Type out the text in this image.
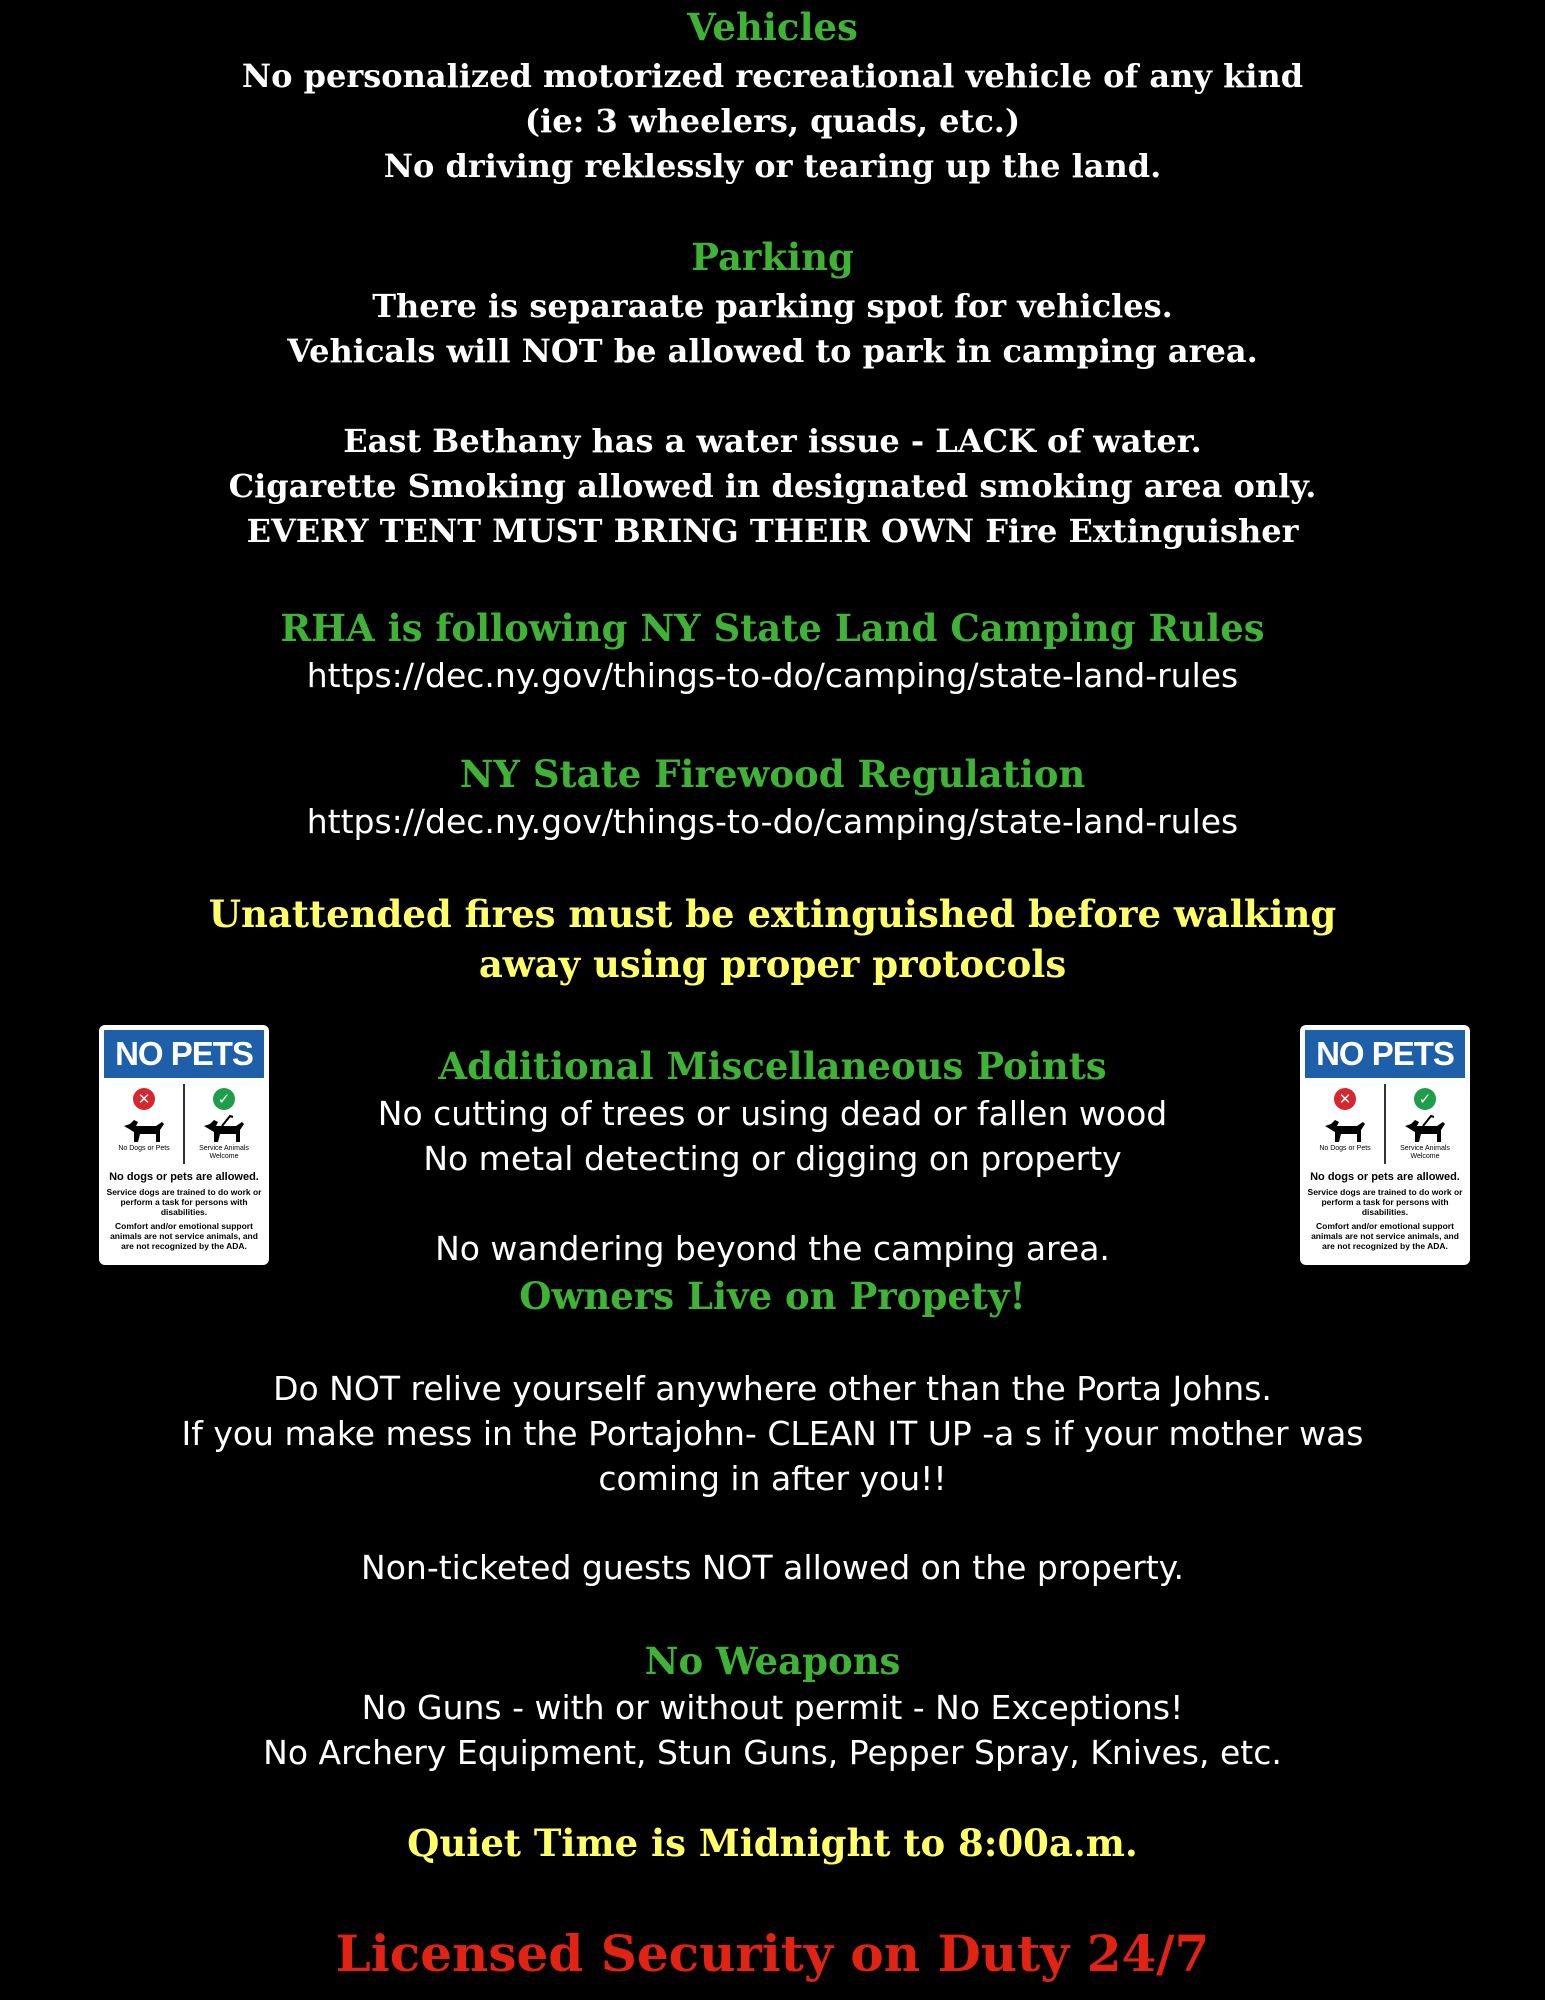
Vehicles
No personalized motorized recreational vehicle of any kind
(ie: 3 wheelers, quads, etc.)
No driving reklessly or tearing up the land.
Parking
There is separaate parking spot for vehicles.
Vehicals will NOT be allowed to park in camping area.
East Bethany has a water issue - LACK of water.
Cigarette Smoking allowed in designated smoking area only.
EVERY TENT MUST BRING THEIR OWN Fire Extinguisher
RHA is following NY State Land Camping Rules
https://dec.ny.gov/things-to-do/camping/state-land-rules
NY State Firewood Regulation
https://dec.ny.gov/things-to-do/camping/state-land-rules
Unattended fires must be extinguished before walking
away using proper protocols
Additional Miscellaneous Points
No cutting of trees or using dead or fallen wood
No metal detecting or digging on property
No wandering beyond the camping area.
Owners Live on Propety!
Do NOT relive yourself anywhere other than the Porta Johns.
If you make mess in the Portajohn- CLEAN IT UP -a s if your mother was
coming in after you!!
Non-ticketed guests NOT allowed on the property.
No Weapons
No Guns - with or without permit - No Exceptions!
No Archery Equipment, Stun Guns, Pepper Spray, Knives, etc.
Quiet Time is Midnight to 8:00a.m.
Licensed Security on Duty 24/7
NO PETS
✕
No Dogs or Pets
✓
Service Animals Welcome
No dogs or pets are allowed.
Service dogs are trained to do work or perform a task for persons with disabilities.
Comfort and/or emotional support animals are not service animals, and are not recognized by the ADA.
NO PETS
✕
No Dogs or Pets
✓
Service Animals Welcome
No dogs or pets are allowed.
Service dogs are trained to do work or perform a task for persons with disabilities.
Comfort and/or emotional support animals are not service animals, and are not recognized by the ADA.
